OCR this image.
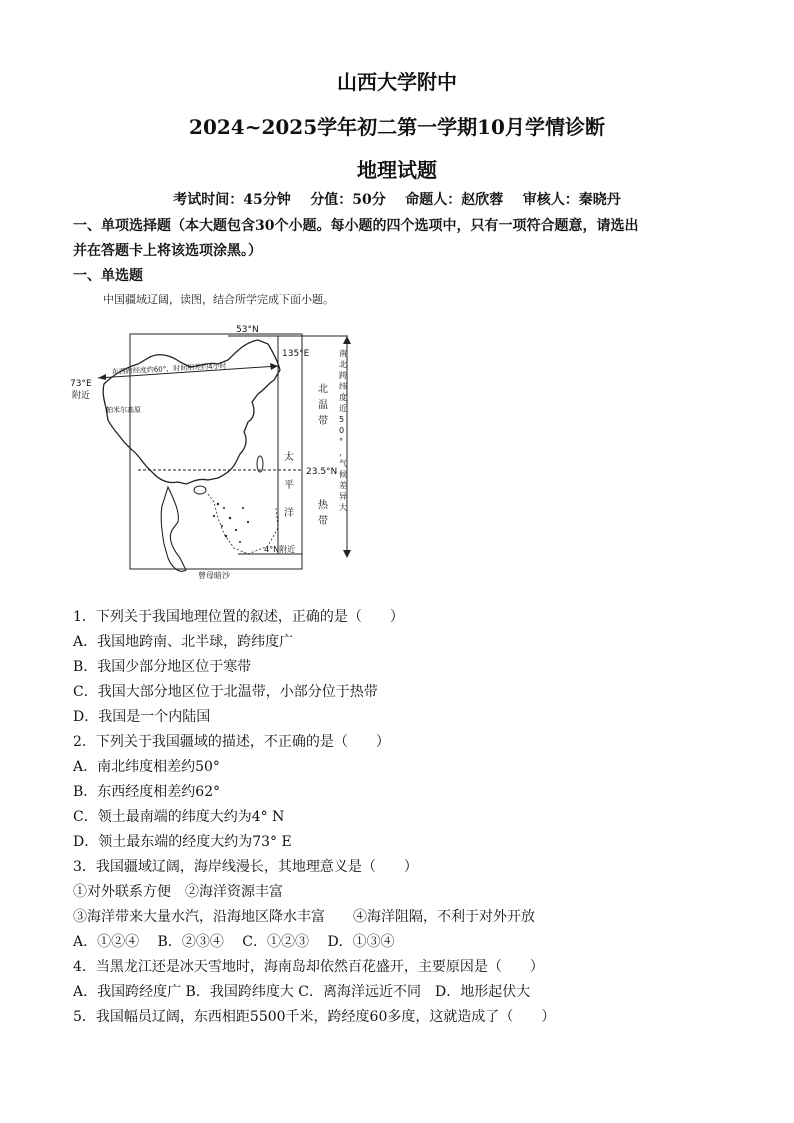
山西大学附中
2024~2025学年初二第一学期10月学情诊断
地理试题
考试时间：45分钟    分值：50分    命题人：赵欣蓉    审核人：秦晓丹
一、单项选择题（本大题包含30个小题。每小题的四个选项中，只有一项符合题意，请选出
并在答题卡上将该选项涂黑。）
一、单选题
中国疆域辽阔，读图，结合所学完成下面小题。
53°N
135°E
73°E
附近
东西跨经度约60°，时间相差约4小时
帕米尔高原
23.5°N
4°N附近
曾母暗沙
北温带
热带
太平洋
南北跨纬度近 5 0 °，气候差异大
1．下列关于我国地理位置的叙述，正确的是（　　）
A．我国地跨南、北半球，跨纬度广
B．我国少部分地区位于寒带
C．我国大部分地区位于北温带，小部分位于热带
D．我国是一个内陆国
2．下列关于我国疆域的描述，不正确的是（　　）
A．南北纬度相差约50°
B．东西经度相差约62°
C．领土最南端的纬度大约为4° N
D．领土最东端的经度大约为73° E
3．我国疆域辽阔，海岸线漫长，其地理意义是（　　）
①对外联系方便　②海洋资源丰富
③海洋带来大量水汽，沿海地区降水丰富　　④海洋阻隔，不利于对外开放
A．①②④　 B．②③④　 C．①②③　 D．①③④
4．当黑龙江还是冰天雪地时，海南岛却依然百花盛开，主要原因是（　　）
A．我国跨经度广 B．我国跨纬度大 C．离海洋远近不同　D．地形起伏大
5．我国幅员辽阔，东西相距5500千米，跨经度60多度，这就造成了（　　）
